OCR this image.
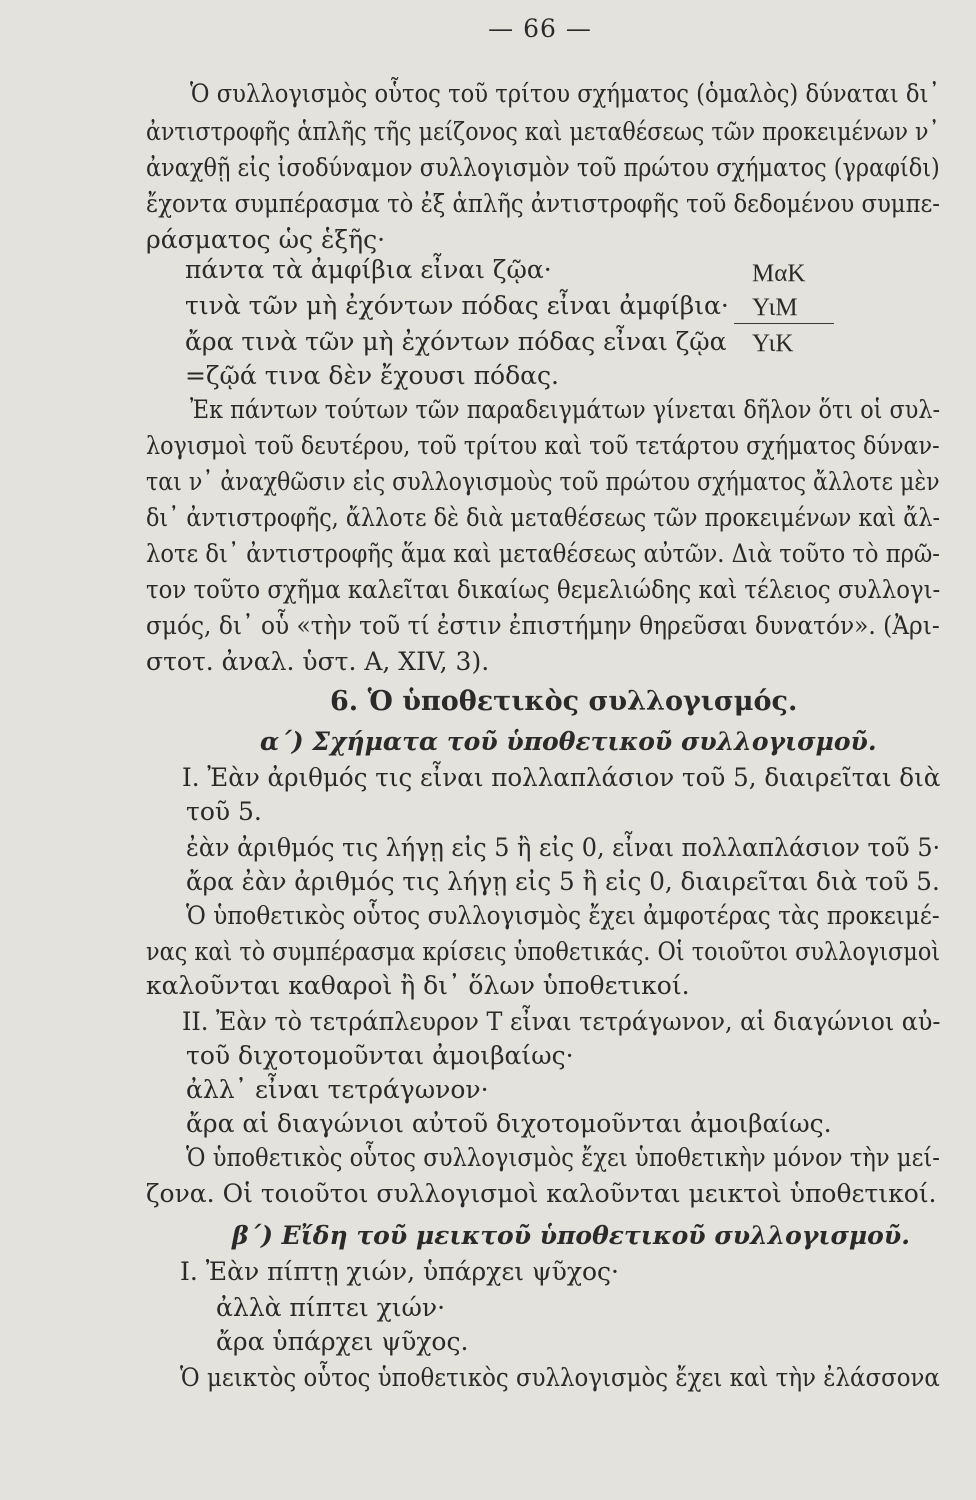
— 66 —
Ὁ συλλογισμὸς οὗτος τοῦ τρίτου σχήματος (ὁμαλὸς) δύναται δι᾿
ἀντιστροφῆς ἁπλῆς τῆς μείζονος καὶ μεταθέσεως τῶν προκειμένων ν᾿
ἀναχθῇ εἰς ἰσοδύναμον συλλογισμὸν τοῦ πρώτου σχήματος (γραφίδι)
ἔχοντα συμπέρασμα τὸ ἐξ ἁπλῆς ἀντιστροφῆς τοῦ δεδομένου συμπε-
ράσματος ὡς ἑξῆς·
πάντα τὰ ἀμφίβια εἶναι ζῷα·	ΜαΚ
τινὰ τῶν μὴ ἐχόντων πόδας εἶναι ἀμφίβια· ΥιΜ
ἄρα τινὰ τῶν μὴ ἐχόντων πόδας εἶναι ζῷα ΥιΚ
=ζῷά τινα δὲν ἔχουσι πόδας.
Ἐκ πάντων τούτων τῶν παραδειγμάτων γίνεται δῆλον ὅτι οἱ συλ-
λογισμοὶ τοῦ δευτέρου, τοῦ τρίτου καὶ τοῦ τετάρτου σχήματος δύναν-
ται ν᾿ ἀναχθῶσιν εἰς συλλογισμοὺς τοῦ πρώτου σχήματος ἄλλοτε μὲν
δι᾿ ἀντιστροφῆς, ἄλλοτε δὲ διὰ μεταθέσεως τῶν προκειμένων καὶ ἄλ-
λοτε δι᾿ ἀντιστροφῆς ἅμα καὶ μεταθέσεως αὐτῶν. Διὰ τοῦτο τὸ πρῶ-
τον τοῦτο σχῆμα καλεῖται δικαίως θεμελιώδης καὶ τέλειος συλλογι-
σμός, δι᾿ οὗ «τὴν τοῦ τί ἐστιν ἐπιστήμην θηρεῦσαι δυνατόν». (Ἀρι-
στοτ. ἀναλ. ὑστ. Α, XIV, 3).
6. Ὁ ὑποθετικὸς συλλογισμός.
α΄) Σχήματα τοῦ ὑποθετικοῦ συλλογισμοῦ.
I. Ἐὰν ἀριθμός τις εἶναι πολλαπλάσιον τοῦ 5, διαιρεῖται διὰ
τοῦ 5.
ἐὰν ἀριθμός τις λήγῃ εἰς 5 ἢ εἰς 0, εἶναι πολλαπλάσιον τοῦ 5·
ἄρα ἐὰν ἀριθμός τις λήγῃ εἰς 5 ἢ εἰς 0, διαιρεῖται διὰ τοῦ 5.
Ὁ ὑποθετικὸς οὗτος συλλογισμὸς ἔχει ἀμφοτέρας τὰς προκειμέ-
νας καὶ τὸ συμπέρασμα κρίσεις ὑποθετικάς. Οἱ τοιοῦτοι συλλογισμοὶ
καλοῦνται καθαροὶ ἢ δι᾿ ὅλων ὑποθετικοί.
II. Ἐὰν τὸ τετράπλευρον Τ εἶναι τετράγωνον, αἱ διαγώνιοι αὐ-
τοῦ διχοτομοῦνται ἀμοιβαίως·
ἀλλ᾿ εἶναι τετράγωνον·
ἄρα αἱ διαγώνιοι αὐτοῦ διχοτομοῦνται ἀμοιβαίως.
Ὁ ὑποθετικὸς οὗτος συλλογισμὸς ἔχει ὑποθετικὴν μόνον τὴν μεί-
ζονα. Οἱ τοιοῦτοι συλλογισμοὶ καλοῦνται μεικτοὶ ὑποθετικοί.
β΄) Εἴδη τοῦ μεικτοῦ ὑποθετικοῦ συλλογισμοῦ.
I. Ἐὰν πίπτῃ χιών, ὑπάρχει ψῦχος·
ἀλλὰ πίπτει χιών·
ἄρα ὑπάρχει ψῦχος.
Ὁ μεικτὸς οὗτος ὑποθετικὸς συλλογισμὸς ἔχει καὶ τὴν ἐλάσσονα
